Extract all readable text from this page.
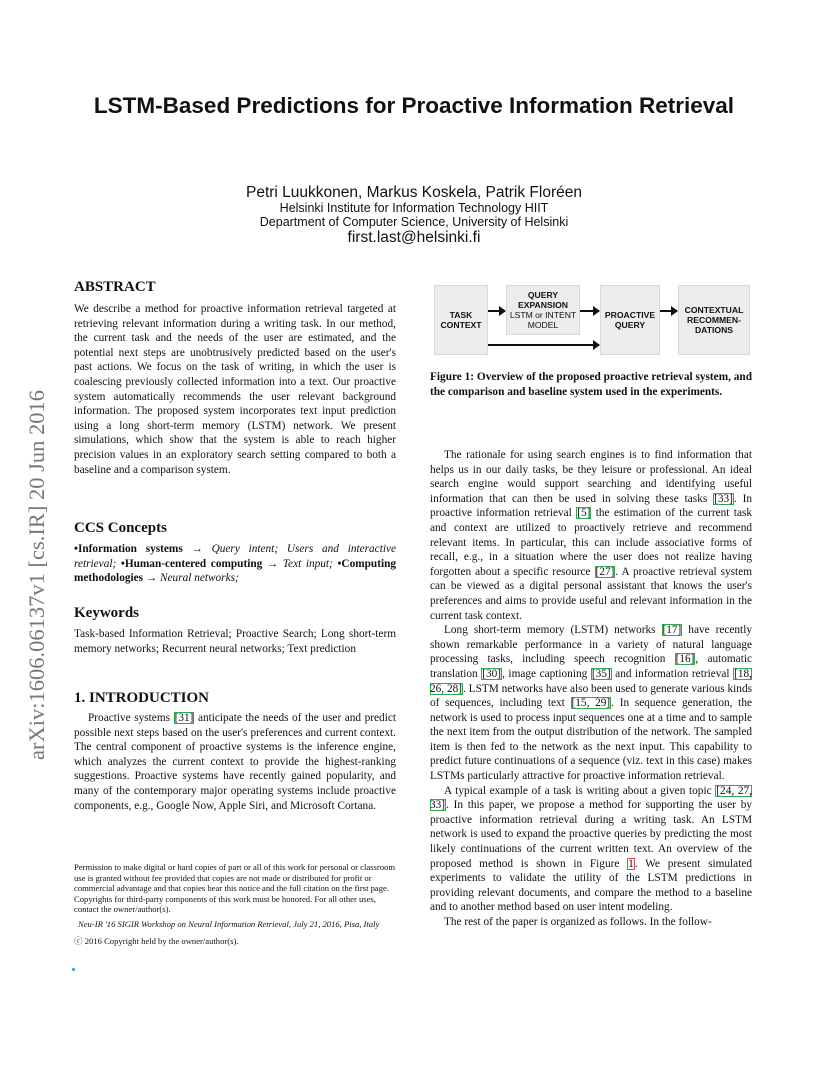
LSTM-Based Predictions for Proactive Information Retrieval
Petri Luukkonen, Markus Koskela, Patrik Floréen
Helsinki Institute for Information Technology HIIT
Department of Computer Science, University of Helsinki
first.last@helsinki.fi
arXiv:1606.06137v1 [cs.IR] 20 Jun 2016
ABSTRACT
We describe a method for proactive information retrieval targeted at retrieving relevant information during a writing task. In our method, the current task and the needs of the user are estimated, and the potential next steps are unobtrusively predicted based on the user's past actions. We focus on the task of writing, in which the user is coalescing previously collected information into a text. Our proactive system automatically recommends the user relevant background information. The proposed system incorporates text input prediction using a long short-term memory (LSTM) network. We present simulations, which show that the system is able to reach higher precision values in an exploratory search setting compared to both a baseline and a comparison system.
CCS Concepts
•Information systems → Query intent; Users and interactive retrieval; •Human-centered computing → Text input; •Computing methodologies → Neural networks;
Keywords
Task-based Information Retrieval; Proactive Search; Long short-term memory networks; Recurrent neural networks; Text prediction
1. INTRODUCTION
Proactive systems [31] anticipate the needs of the user and predict possible next steps based on the user's preferences and current context. The central component of proactive systems is the inference engine, which analyzes the current context to provide the highest-ranking suggestions. Proactive systems have recently gained popularity, and many of the contemporary major operating systems include proactive components, e.g., Google Now, Apple Siri, and Microsoft Cortana.
Permission to make digital or hard copies of part or all of this work for personal or classroom use is granted without fee provided that copies are not made or distributed for profit or commercial advantage and that copies bear this notice and the full citation on the first page. Copyrights for third-party components of this work must be honored. For all other uses, contact the owner/author(s).
Neu-IR '16 SIGIR Workshop on Neural Information Retrieval, July 21, 2016, Pisa, Italy
ⓒ 2016 Copyright held by the owner/author(s).
TASK CONTEXT
QUERY EXPANSION
LSTM or INTENT MODEL
PROACTIVE QUERY
CONTEXTUAL RECOMMEN-DATIONS
Figure 1: Overview of the proposed proactive retrieval system, and the comparison and baseline system used in the experiments.

The rationale for using search engines is to find information that helps us in our daily tasks, be they leisure or professional. An ideal search engine would support searching and identifying useful information that can then be used in solving these tasks [33]. In proactive information retrieval [5] the estimation of the current task and context are utilized to proactively retrieve and recommend relevant items. In particular, this can include associative forms of recall, e.g., in a situation where the user does not realize having forgotten about a specific resource [27]. A proactive retrieval system can be viewed as a digital personal assistant that knows the user's preferences and aims to provide useful and relevant information in the current task context.

Long short-term memory (LSTM) networks [17] have recently shown remarkable performance in a variety of natural language processing tasks, including speech recognition [16], automatic translation [30], image captioning [35] and information retrieval [18, 26, 28]. LSTM networks have also been used to generate various kinds of sequences, including text [15, 29]. In sequence generation, the network is used to process input sequences one at a time and to sample the next item from the output distribution of the network. The sampled item is then fed to the network as the next input. This capability to predict future continuations of a sequence (viz. text in this case) makes LSTMs particularly attractive for proactive information retrieval.

A typical example of a task is writing about a given topic [24, 27, 33]. In this paper, we propose a method for supporting the user by proactive information retrieval during a writing task. An LSTM network is used to expand the proactive queries by predicting the most likely continuations of the current written text. An overview of the proposed method is shown in Figure 1. We present simulated experiments to validate the utility of the LSTM predictions in providing relevant documents, and compare the method to a baseline and to another method based on user intent modeling.

The rest of the paper is organized as follows. In the follow-
